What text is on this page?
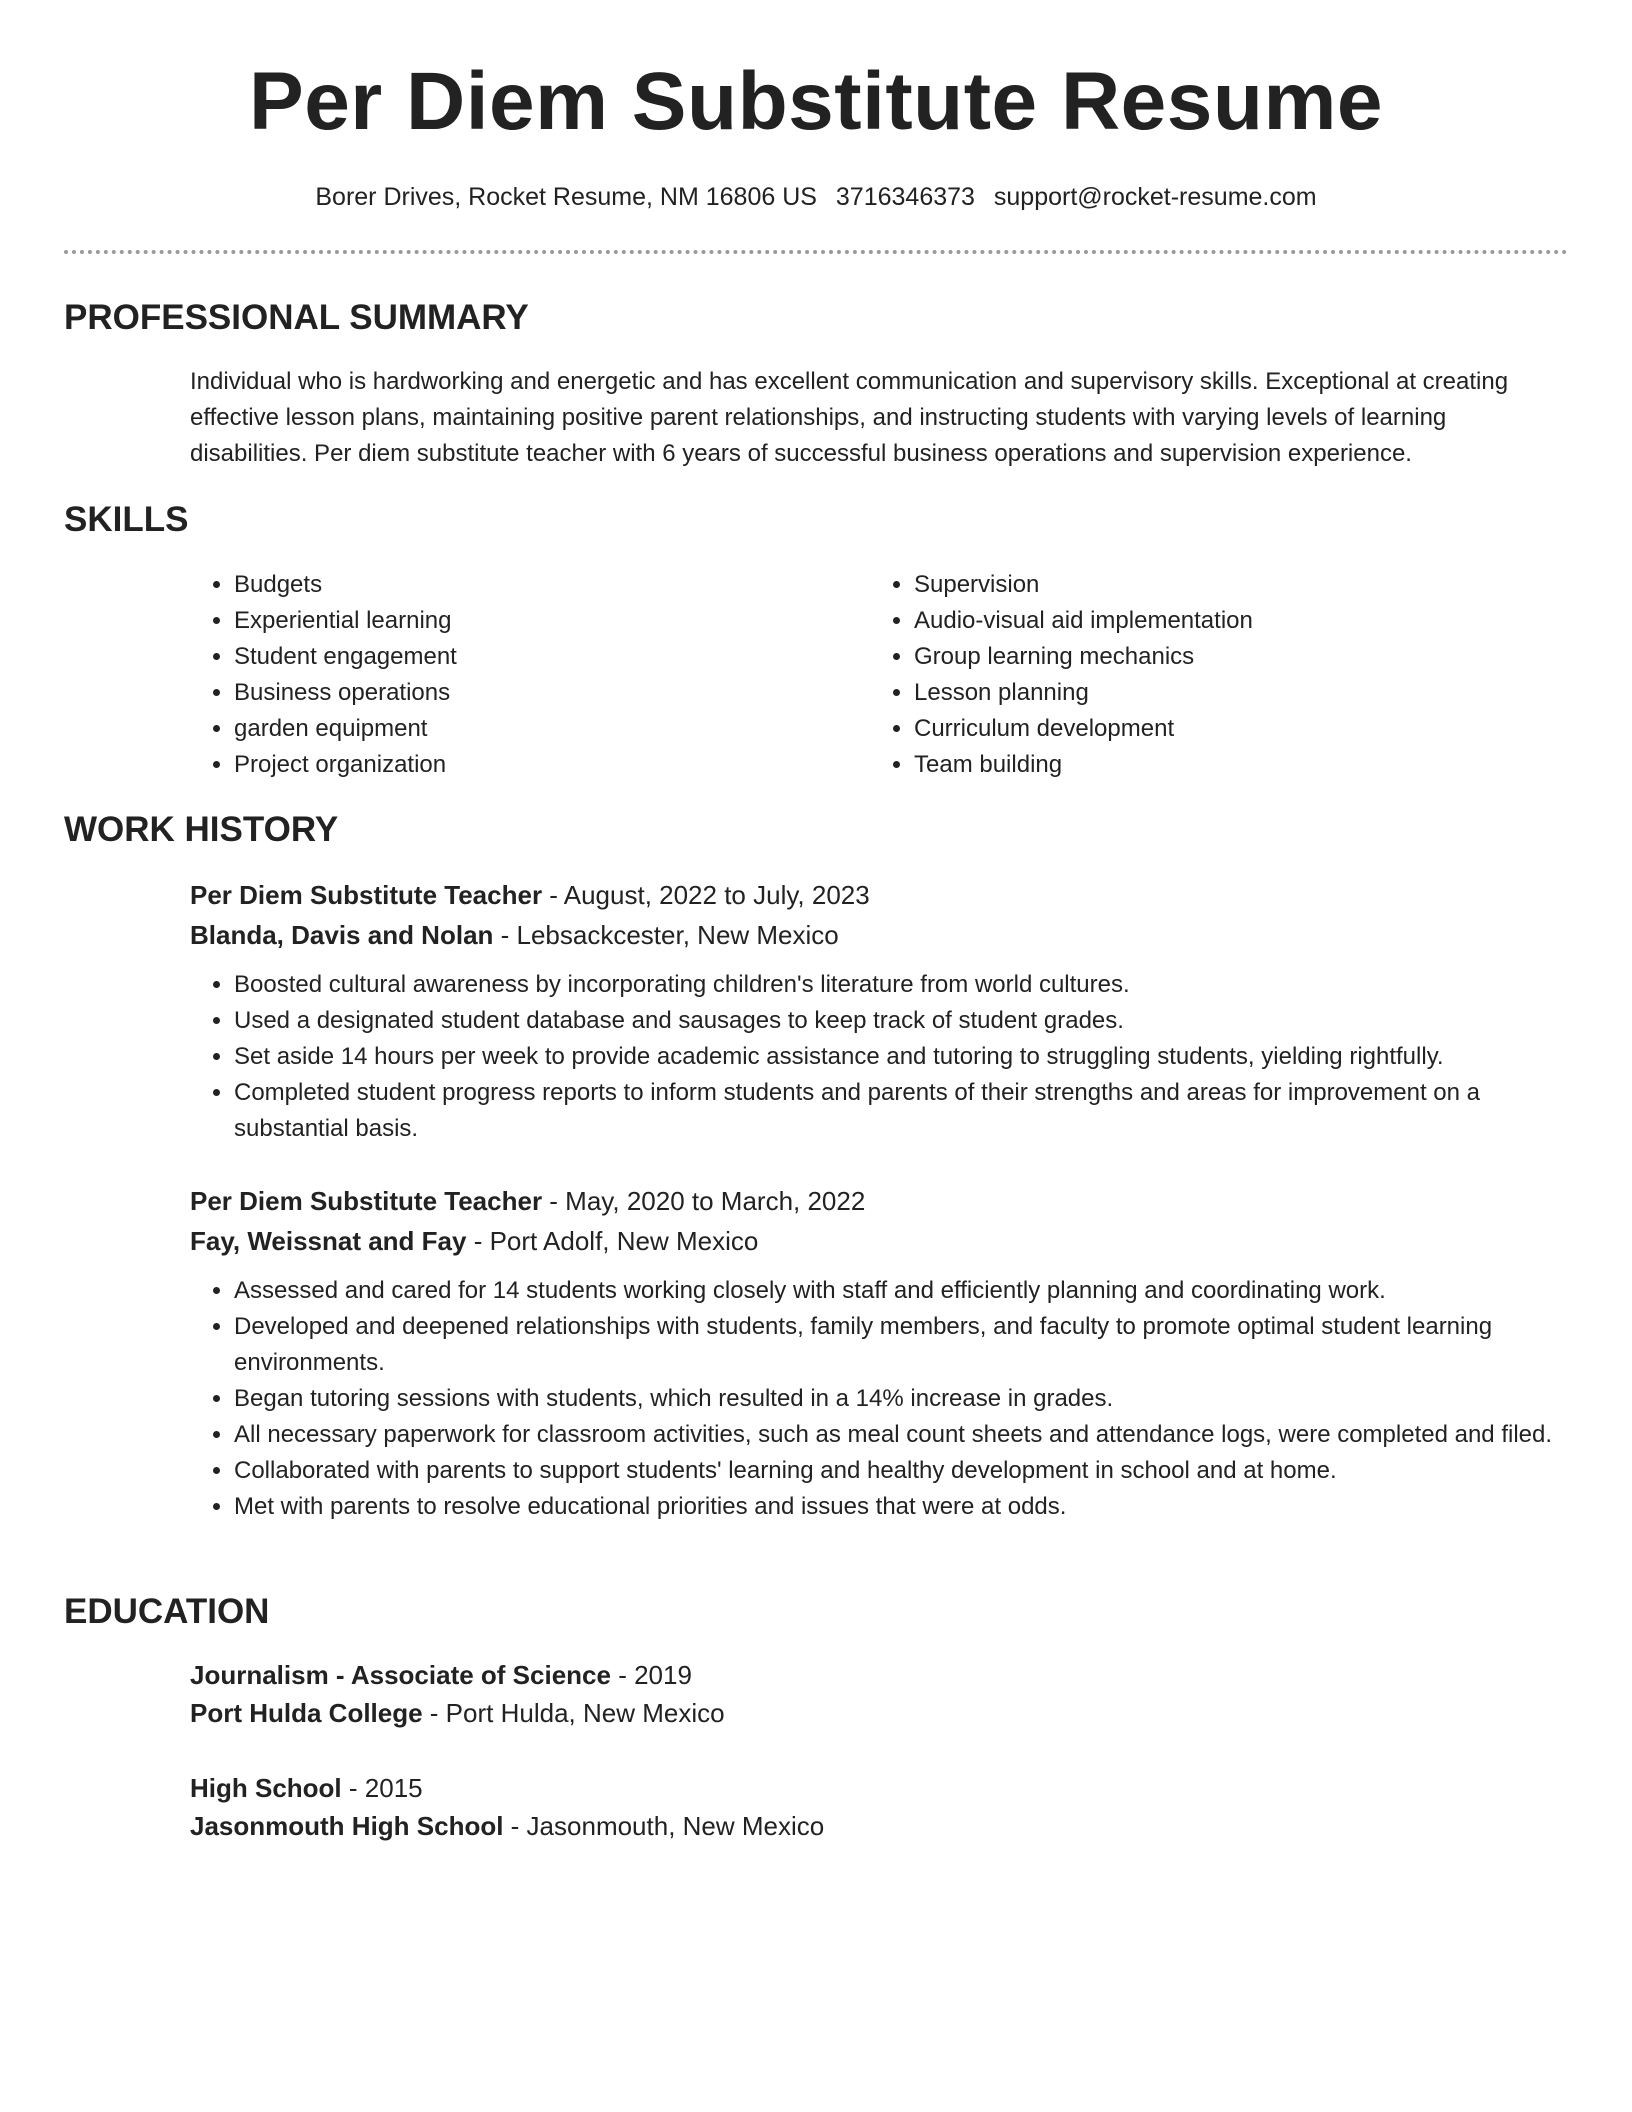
Per Diem Substitute Resume
Borer Drives, Rocket Resume, NM 16806 US 3716346373 support@rocket-resume.com
PROFESSIONAL SUMMARY
Individual who is hardworking and energetic and has excellent communication and supervisory skills. Exceptional at creating effective lesson plans, maintaining positive parent relationships, and instructing students with varying levels of learning disabilities. Per diem substitute teacher with 6 years of successful business operations and supervision experience.
SKILLS
• Budgets
• Experiential learning
• Student engagement
• Business operations
• garden equipment
• Project organization
• Supervision
• Audio-visual aid implementation
• Group learning mechanics
• Lesson planning
• Curriculum development
• Team building
WORK HISTORY
Per Diem Substitute Teacher - August, 2022 to July, 2023
Blanda, Davis and Nolan - Lebsackcester, New Mexico
• Boosted cultural awareness by incorporating children's literature from world cultures.
• Used a designated student database and sausages to keep track of student grades.
• Set aside 14 hours per week to provide academic assistance and tutoring to struggling students, yielding rightfully.
• Completed student progress reports to inform students and parents of their strengths and areas for improvement on a substantial basis.
Per Diem Substitute Teacher - May, 2020 to March, 2022
Fay, Weissnat and Fay - Port Adolf, New Mexico
• Assessed and cared for 14 students working closely with staff and efficiently planning and coordinating work.
• Developed and deepened relationships with students, family members, and faculty to promote optimal student learning environments.
• Began tutoring sessions with students, which resulted in a 14% increase in grades.
• All necessary paperwork for classroom activities, such as meal count sheets and attendance logs, were completed and filed.
• Collaborated with parents to support students' learning and healthy development in school and at home.
• Met with parents to resolve educational priorities and issues that were at odds.
EDUCATION
Journalism - Associate of Science - 2019
Port Hulda College - Port Hulda, New Mexico
High School - 2015
Jasonmouth High School - Jasonmouth, New Mexico
